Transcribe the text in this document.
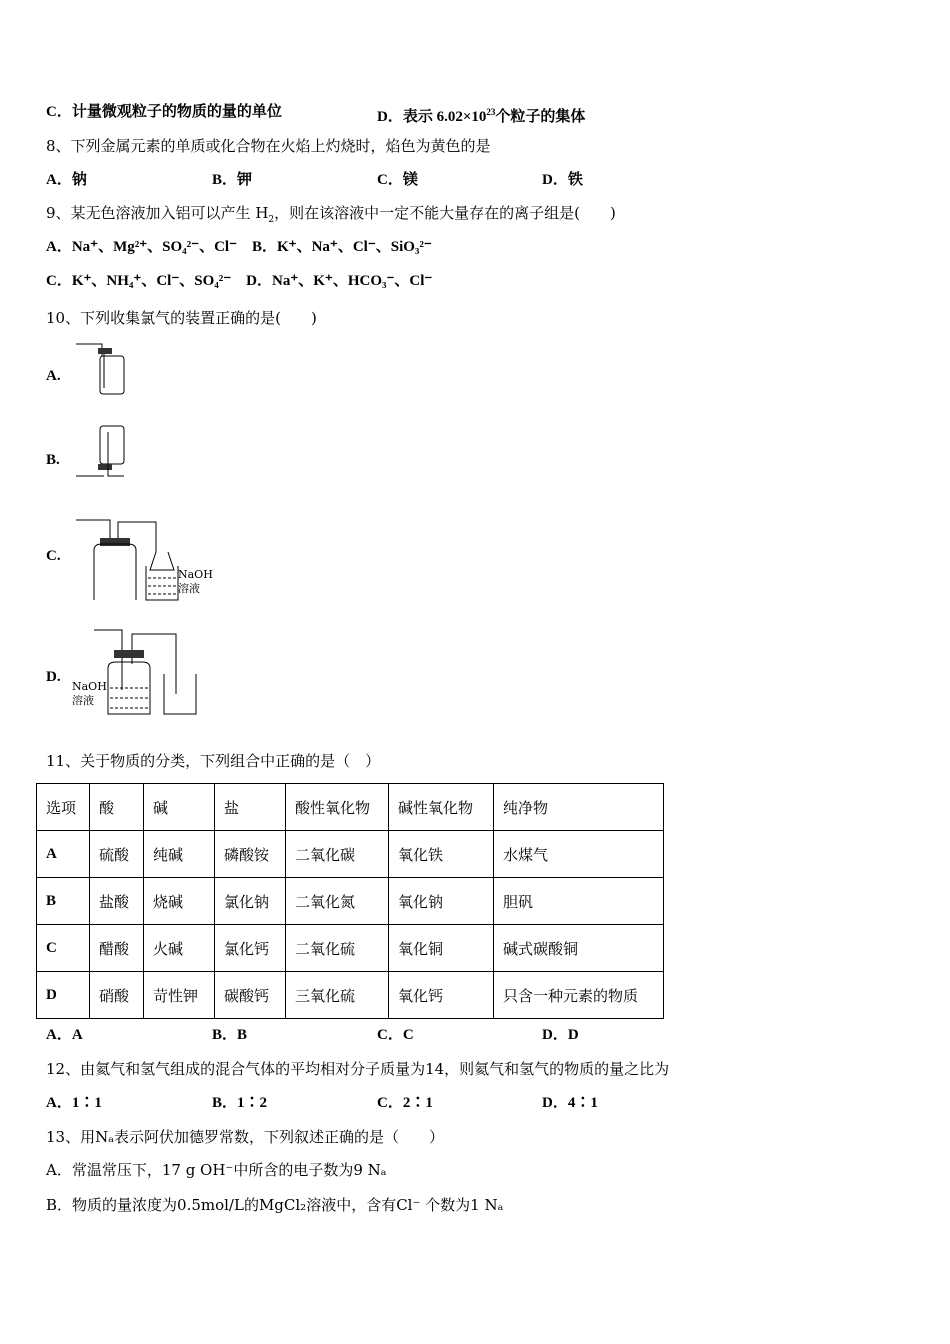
C．计量微观粒子的物质的量的单位	D．表示 $6.02\times 10^{23}$个粒子的集体
8、下列金属元素的单质或化合物在火焰上灼烧时，焰色为黄色的是
A．钠	B．钾	C．镁	D．铁
9、某无色溶液加入铝可以产生 $H_2$，则在该溶液中一定不能大量存在的离子组是(　　)
A．Na⁺、Mg²⁺、SO₄²⁻、Cl⁻　B．K⁺、Na⁺、Cl⁻、SiO₃²⁻
C．K⁺、NH₄⁺、Cl⁻、SO₄²⁻　D．Na⁺、K⁺、HCO₃⁻、Cl⁻
10、下列收集氯气的装置正确的是(　　)
A.
B.
C.
NaOH
溶液
D.
NaOH
溶液
11、关于物质的分类，下列组合中正确的是（　）
选项	酸	碱	盐	酸性氧化物	碱性氧化物	纯净物
A	硫酸	纯碱	磷酸铵	二氧化碳	氧化铁	水煤气
B	盐酸	烧碱	氯化钠	二氧化氮	氧化钠	胆矾
C	醋酸	火碱	氯化钙	二氧化硫	氧化铜	碱式碳酸铜
D	硝酸	苛性钾	碳酸钙	三氧化硫	氧化钙	只含一种元素的物质
A．A	B．B	C．C	D．D
12、由氦气和氢气组成的混合气体的平均相对分子质量为14，则氦气和氢气的物质的量之比为
A．1∶1	B．1∶2	C．2∶1	D．4∶1
13、用Nₐ表示阿伏加德罗常数，下列叙述正确的是（　　）
A．常温常压下，17 g OH⁻中所含的电子数为9 Nₐ
B．物质的量浓度为0.5mol/L的MgCl₂溶液中，含有Cl⁻ 个数为1 Nₐ
